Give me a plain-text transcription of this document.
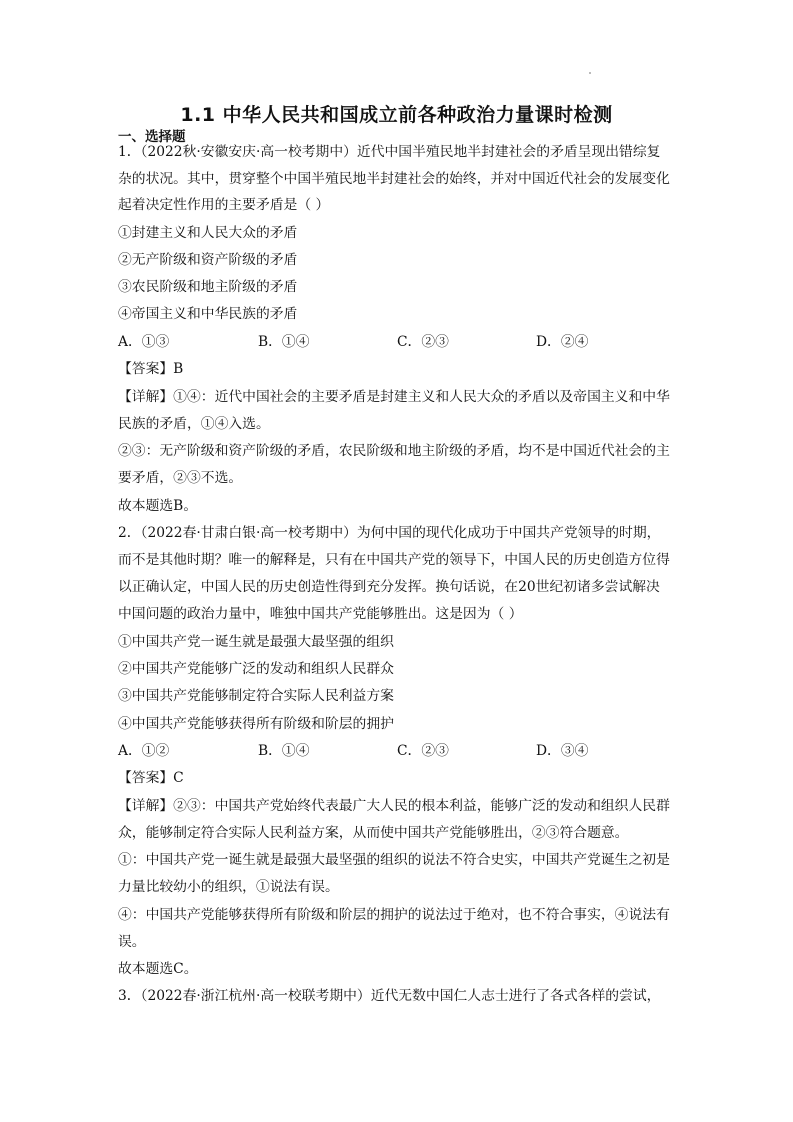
1.1 中华人民共和国成立前各种政治力量课时检测
一、选择题
1．（2022秋·安徽安庆·高一校考期中）近代中国半殖民地半封建社会的矛盾呈现出错综复
杂的状况。其中，贯穿整个中国半殖民地半封建社会的始终，并对中国近代社会的发展变化
起着决定性作用的主要矛盾是（ ）
①封建主义和人民大众的矛盾
②无产阶级和资产阶级的矛盾
③农民阶级和地主阶级的矛盾
④帝国主义和中华民族的矛盾
A．①③	B．①④	C．②③	D．②④
【答案】B
【详解】①④：近代中国社会的主要矛盾是封建主义和人民大众的矛盾以及帝国主义和中华
民族的矛盾，①④入选。
②③：无产阶级和资产阶级的矛盾，农民阶级和地主阶级的矛盾，均不是中国近代社会的主
要矛盾，②③不选。
故本题选B。
2．（2022春·甘肃白银·高一校考期中）为何中国的现代化成功于中国共产党领导的时期，
而不是其他时期？唯一的解释是，只有在中国共产党的领导下，中国人民的历史创造方位得
以正确认定，中国人民的历史创造性得到充分发挥。换句话说，在20世纪初诸多尝试解决
中国问题的政治力量中，唯独中国共产党能够胜出。这是因为（ ）
①中国共产党一诞生就是最强大最坚强的组织
②中国共产党能够广泛的发动和组织人民群众
③中国共产党能够制定符合实际人民利益方案
④中国共产党能够获得所有阶级和阶层的拥护
A．①②	B．①④	C．②③	D．③④
【答案】C
【详解】②③：中国共产党始终代表最广大人民的根本利益，能够广泛的发动和组织人民群
众，能够制定符合实际人民利益方案，从而使中国共产党能够胜出，②③符合题意。
①：中国共产党一诞生就是最强大最坚强的组织的说法不符合史实，中国共产党诞生之初是
力量比较幼小的组织，①说法有误。
④：中国共产党能够获得所有阶级和阶层的拥护的说法过于绝对，也不符合事实，④说法有
误。
故本题选C。
3．（2022春·浙江杭州·高一校联考期中）近代无数中国仁人志士进行了各式各样的尝试，
